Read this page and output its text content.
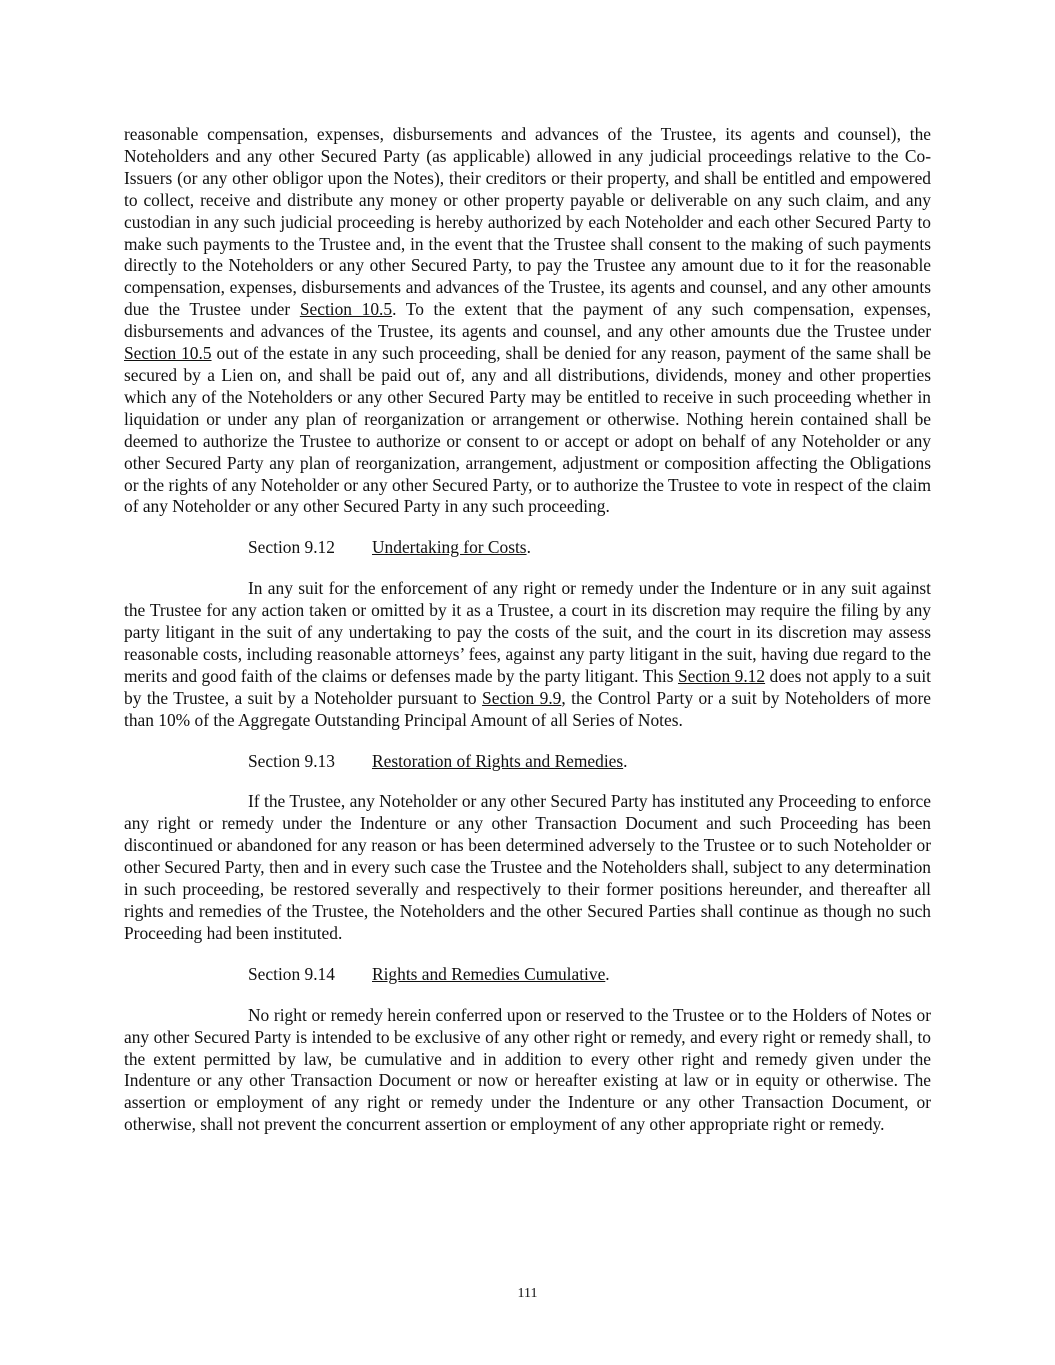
reasonable compensation, expenses, disbursements and advances of the Trustee, its agents and counsel), the Noteholders and any other Secured Party (as applicable) allowed in any judicial proceedings relative to the Co-Issuers (or any other obligor upon the Notes), their creditors or their property, and shall be entitled and empowered to collect, receive and distribute any money or other property payable or deliverable on any such claim, and any custodian in any such judicial proceeding is hereby authorized by each Noteholder and each other Secured Party to make such payments to the Trustee and, in the event that the Trustee shall consent to the making of such payments directly to the Noteholders or any other Secured Party, to pay the Trustee any amount due to it for the reasonable compensation, expenses, disbursements and advances of the Trustee, its agents and counsel, and any other amounts due the Trustee under Section 10.5. To the extent that the payment of any such compensation, expenses, disbursements and advances of the Trustee, its agents and counsel, and any other amounts due the Trustee under Section 10.5 out of the estate in any such proceeding, shall be denied for any reason, payment of the same shall be secured by a Lien on, and shall be paid out of, any and all distributions, dividends, money and other properties which any of the Noteholders or any other Secured Party may be entitled to receive in such proceeding whether in liquidation or under any plan of reorganization or arrangement or otherwise. Nothing herein contained shall be deemed to authorize the Trustee to authorize or consent to or accept or adopt on behalf of any Noteholder or any other Secured Party any plan of reorganization, arrangement, adjustment or composition affecting the Obligations or the rights of any Noteholder or any other Secured Party, or to authorize the Trustee to vote in respect of the claim of any Noteholder or any other Secured Party in any such proceeding.

Section 9.12 Undertaking for Costs.

In any suit for the enforcement of any right or remedy under the Indenture or in any suit against the Trustee for any action taken or omitted by it as a Trustee, a court in its discretion may require the filing by any party litigant in the suit of any undertaking to pay the costs of the suit, and the court in its discretion may assess reasonable costs, including reasonable attorneys’ fees, against any party litigant in the suit, having due regard to the merits and good faith of the claims or defenses made by the party litigant. This Section 9.12 does not apply to a suit by the Trustee, a suit by a Noteholder pursuant to Section 9.9, the Control Party or a suit by Noteholders of more than 10% of the Aggregate Outstanding Principal Amount of all Series of Notes.

Section 9.13 Restoration of Rights and Remedies.

If the Trustee, any Noteholder or any other Secured Party has instituted any Proceeding to enforce any right or remedy under the Indenture or any other Transaction Document and such Proceeding has been discontinued or abandoned for any reason or has been determined adversely to the Trustee or to such Noteholder or other Secured Party, then and in every such case the Trustee and the Noteholders shall, subject to any determination in such proceeding, be restored severally and respectively to their former positions hereunder, and thereafter all rights and remedies of the Trustee, the Noteholders and the other Secured Parties shall continue as though no such Proceeding had been instituted.

Section 9.14 Rights and Remedies Cumulative.

No right or remedy herein conferred upon or reserved to the Trustee or to the Holders of Notes or any other Secured Party is intended to be exclusive of any other right or remedy, and every right or remedy shall, to the extent permitted by law, be cumulative and in addition to every other right and remedy given under the Indenture or any other Transaction Document or now or hereafter existing at law or in equity or otherwise. The assertion or employment of any right or remedy under the Indenture or any other Transaction Document, or otherwise, shall not prevent the concurrent assertion or employment of any other appropriate right or remedy.

111
